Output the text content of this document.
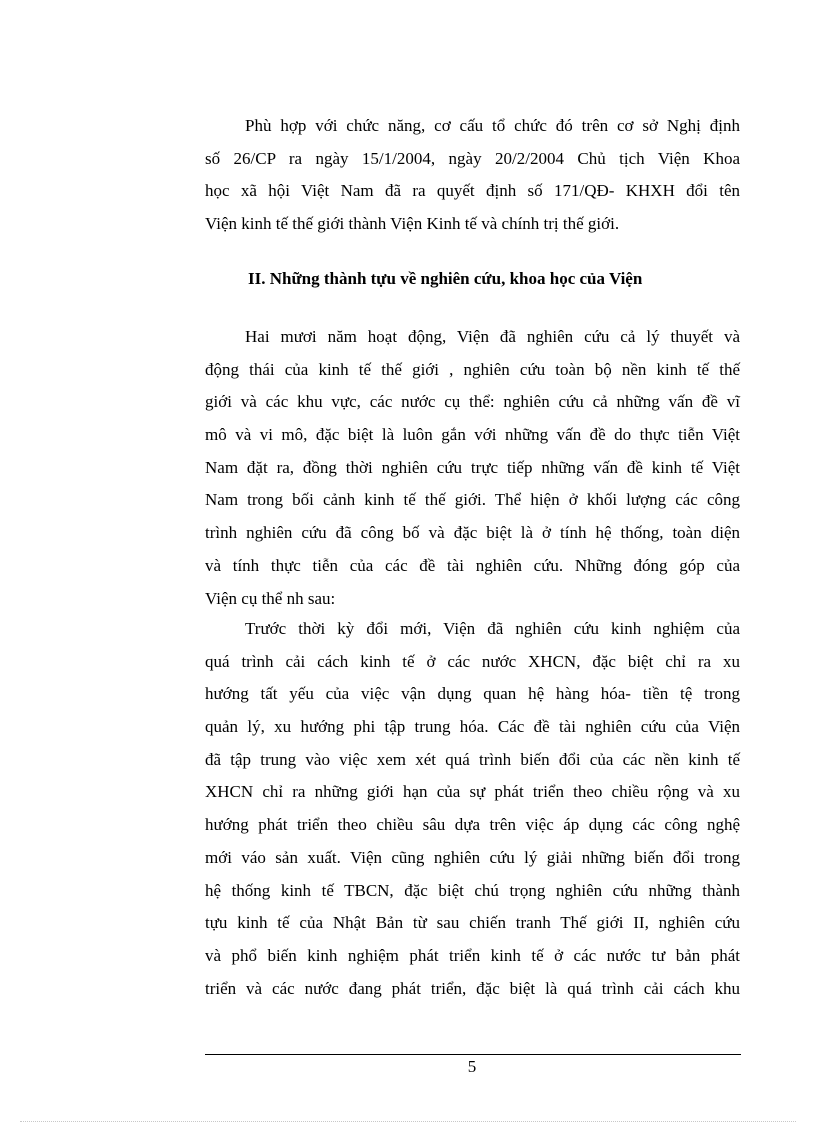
Phù hợp với chức năng, cơ cấu tổ chức đó trên cơ sở Nghị định
số 26/CP ra ngày 15/1/2004, ngày 20/2/2004 Chủ tịch Viện Khoa
học xã hội Việt Nam đã ra quyết định số 171/QĐ- KHXH đổi tên
Viện kinh tế thế giới thành Viện Kinh tế và chính trị thế giới.
II. Những thành tựu về nghiên cứu, khoa học của Viện
Hai mươi năm hoạt động, Viện đã nghiên cứu cả lý thuyết và
động thái của kinh tế thế giới , nghiên cứu toàn bộ nền kinh tế thế
giới và các khu vực, các nước cụ thể: nghiên cứu cả những vấn đề vĩ
mô và vi mô, đặc biệt là luôn gắn với những vấn đề do thực tiễn Việt
Nam đặt ra, đồng thời nghiên cứu trực tiếp những vấn đề kinh tế Việt
Nam trong bối cảnh kinh tế thế giới. Thể hiện ở khối lượng các công
trình nghiên cứu đã công bố và đặc biệt là ở tính hệ thống, toàn diện
và tính thực tiễn của các đề tài nghiên cứu. Những đóng góp của
Viện cụ thể nh sau:
Trước thời kỳ đổi mới, Viện đã nghiên cứu kinh nghiệm của
quá trình cải cách kinh tế ở các nước XHCN, đặc biệt chỉ ra xu
hướng tất yếu của việc vận dụng quan hệ hàng hóa- tiền tệ trong
quản lý, xu hướng phi tập trung hóa. Các đề tài nghiên cứu của Viện
đã tập trung vào việc xem xét quá trình biến đổi của các nền kinh tế
XHCN chỉ ra những giới hạn của sự phát triển theo chiều rộng và xu
hướng phát triển theo chiều sâu dựa trên việc áp dụng các công nghệ
mới váo sản xuất. Viện cũng nghiên cứu lý giải những biến đổi trong
hệ thống kinh tế TBCN, đặc biệt chú trọng nghiên cứu những thành
tựu kinh tế của Nhật Bản từ sau chiến tranh Thế giới II, nghiên cứu
và phổ biến kinh nghiệm phát triển kinh tế ở các nước tư bản phát
triển và các nước đang phát triển, đặc biệt là quá trình cải cách khu
5
